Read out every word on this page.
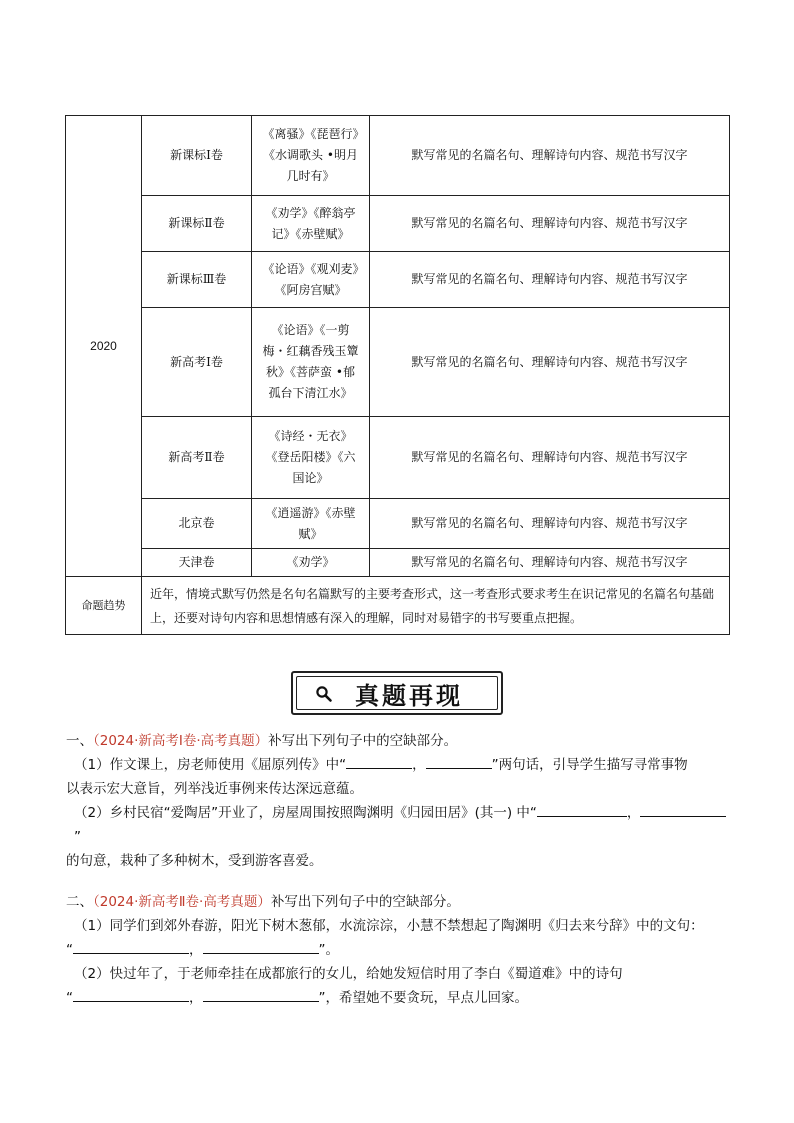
2020	新课标Ⅰ卷	《离骚》《琵琶行》《水调歌头 •明月几时有》	默写常见的名篇名句、理解诗句内容、规范书写汉字
	新课标Ⅱ卷	《劝学》《醉翁亭记》《赤壁赋》	默写常见的名篇名句、理解诗句内容、规范书写汉字
	新课标Ⅲ卷	《论语》《观刈麦》《阿房宫赋》	默写常见的名篇名句、理解诗句内容、规范书写汉字
	新高考Ⅰ卷	《论语》《一剪梅・红藕香残玉簟秋》《菩萨蛮 •郁孤台下清江水》	默写常见的名篇名句、理解诗句内容、规范书写汉字
	新高考Ⅱ卷	《诗经・无衣》《登岳阳楼》《六国论》	默写常见的名篇名句、理解诗句内容、规范书写汉字
	北京卷	《逍遥游》《赤壁赋》	默写常见的名篇名句、理解诗句内容、规范书写汉字
	天津卷	《劝学》	默写常见的名篇名句、理解诗句内容、规范书写汉字
命题趋势	近年，情境式默写仍然是名句名篇默写的主要考查形式，这一考查形式要求考生在识记常见的名篇名句基础上，还要对诗句内容和思想情感有深入的理解，同时对易错字的书写要重点把握。		
真题再现
一、（2024·新高考Ⅰ卷·高考真题）补写出下列句子中的空缺部分。
（1）作文课上，房老师使用《屈原列传》中“	，	”两句话，引导学生描写寻常事物
以表示宏大意旨，列举浅近事例来传达深远意蕴。
（2）乡村民宿“爱陶居”开业了，房屋周围按照陶渊明《归园田居》(其一) 中“	，”
的句意，栽种了多种树木，受到游客喜爱。
二、（2024·新高考Ⅱ卷·高考真题）补写出下列句子中的空缺部分。
（1）同学们到郊外春游，阳光下树木葱郁，水流淙淙，小慧不禁想起了陶渊明《归去来兮辞》中的文句：
“	，	”。
（2）快过年了，于老师牵挂在成都旅行的女儿，给她发短信时用了李白《蜀道难》中的诗句
“	，	”，希望她不要贪玩，早点儿回家。
